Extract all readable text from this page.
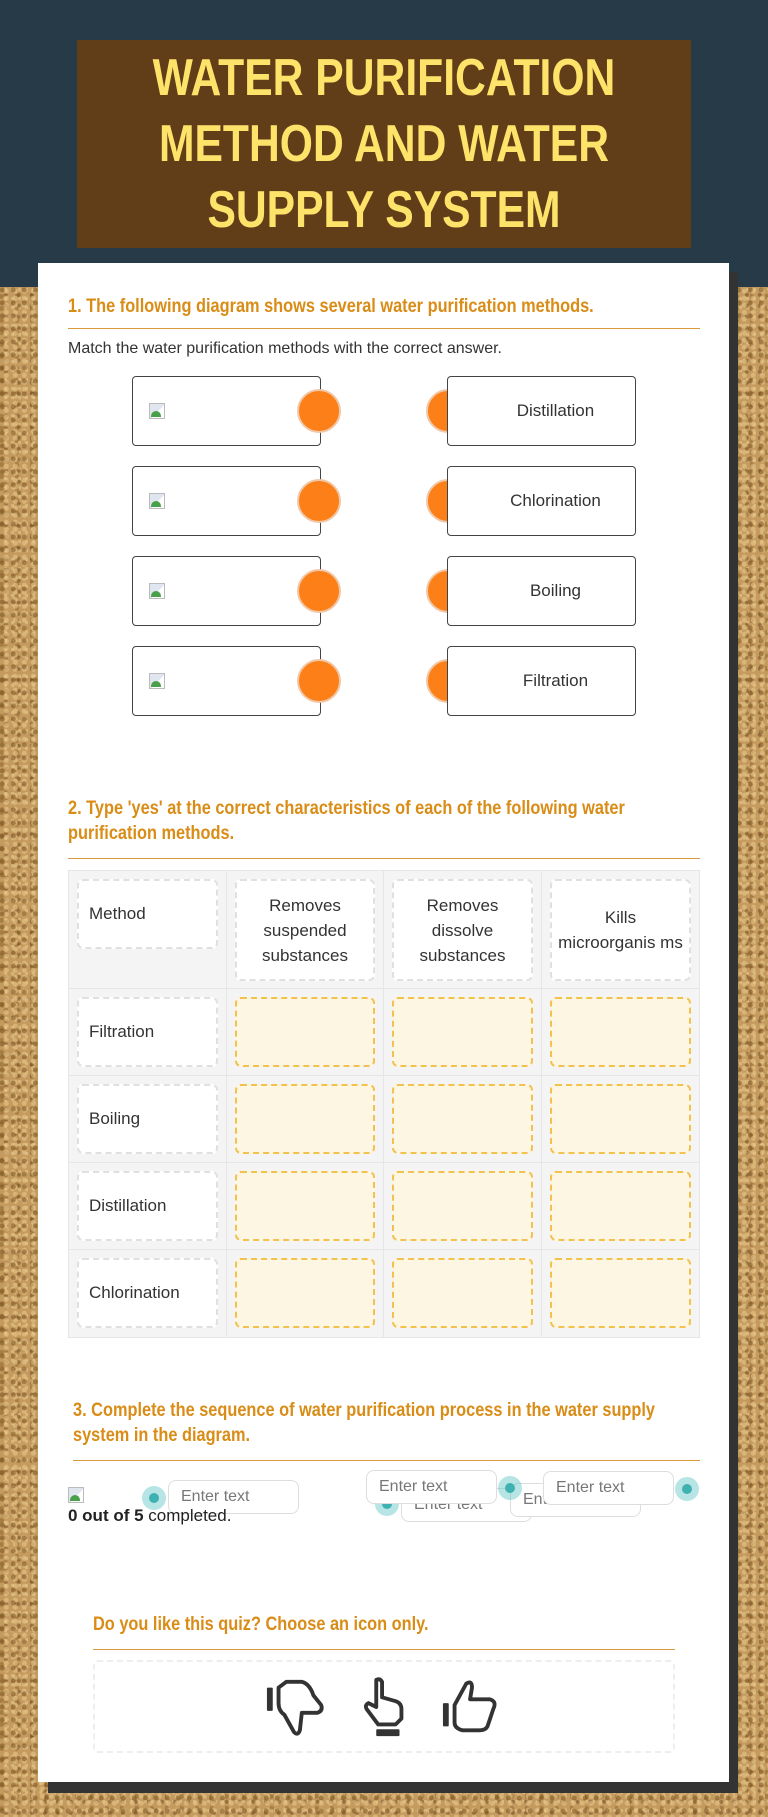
WATER PURIFICATION METHOD AND WATER SUPPLY SYSTEM
1. The following diagram shows several water purification methods.
Match the water purification methods with the correct answer.
Distillation
Chlorination
Boiling
Filtration
2. Type 'yes' at the correct characteristics of each of the following water
purification methods.
Method	Removes suspended substances
Removes dissolve substances
Kills microorganis ms
Filtration
Boiling
Distillation
Chlorination
3. Complete the sequence of water purification process in the water supply
system in the diagram.
Enter text
Enter text
Enter text
Enter text
Enter text
0 out of 5 completed.
Do you like this quiz? Choose an icon only.
